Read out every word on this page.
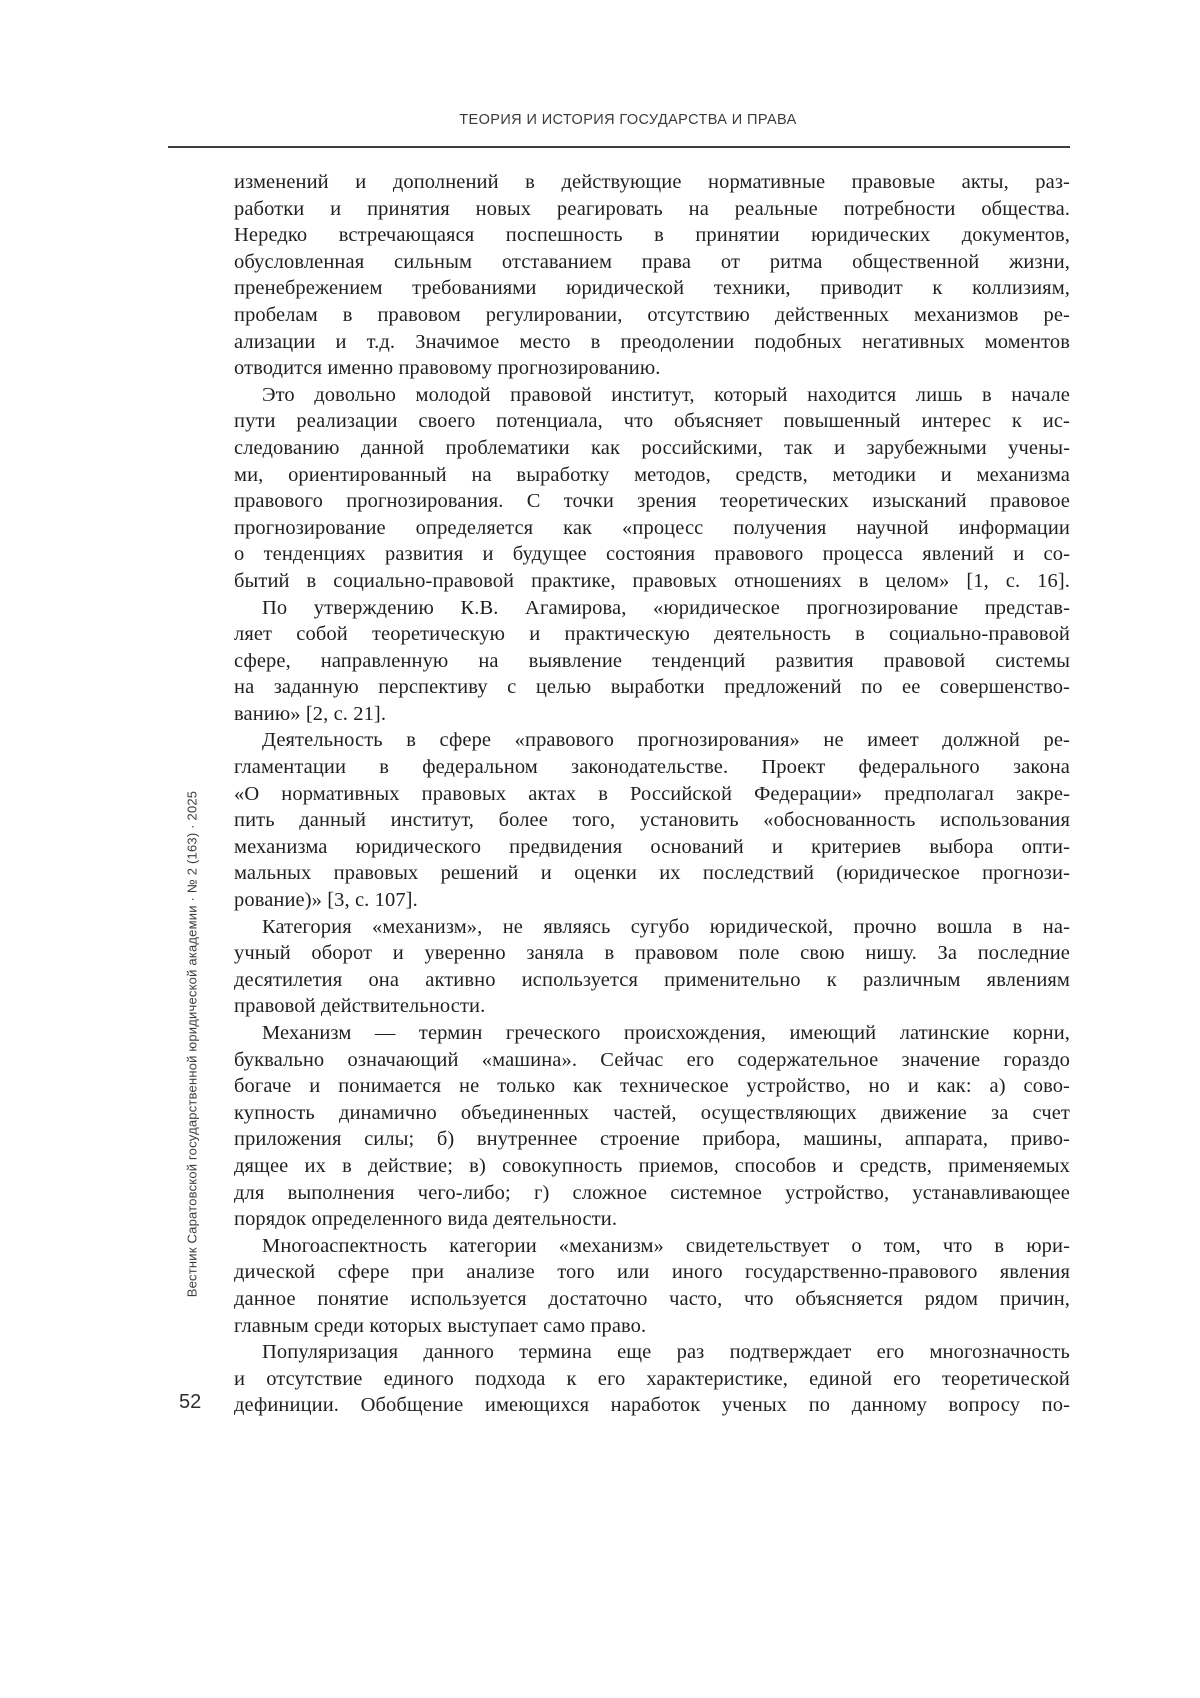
ТЕОРИЯ И ИСТОРИЯ ГОСУДАРСТВА И ПРАВА
изменений и дополнений в действующие нормативные правовые акты, раз-
работки и принятия новых реагировать на реальные потребности общества.
Нередко встречающаяся поспешность в принятии юридических документов,
обусловленная сильным отставанием права от ритма общественной жизни,
пренебрежением требованиями юридической техники, приводит к коллизиям,
пробелам в правовом регулировании, отсутствию действенных механизмов ре-
ализации и т.д. Значимое место в преодолении подобных негативных моментов
отводится именно правовому прогнозированию.
Это довольно молодой правовой институт, который находится лишь в начале
пути реализации своего потенциала, что объясняет повышенный интерес к ис-
следованию данной проблематики как российскими, так и зарубежными учены-
ми, ориентированный на выработку методов, средств, методики и механизма
правового прогнозирования. С точки зрения теоретических изысканий правовое
прогнозирование определяется как «процесс получения научной информации
о тенденциях развития и будущее состояния правового процесса явлений и со-
бытий в социально-правовой практике, правовых отношениях в целом» [1, с. 16].
По утверждению К.В. Агамирова, «юридическое прогнозирование представ-
ляет собой теоретическую и практическую деятельность в социально-правовой
сфере, направленную на выявление тенденций развития правовой системы
на заданную перспективу с целью выработки предложений по ее совершенство-
ванию» [2, с. 21].
Деятельность в сфере «правового прогнозирования» не имеет должной ре-
гламентации в федеральном законодательстве. Проект федерального закона
«О нормативных правовых актах в Российской Федерации» предполагал закре-
пить данный институт, более того, установить «обоснованность использования
механизма юридического предвидения оснований и критериев выбора опти-
мальных правовых решений и оценки их последствий (юридическое прогнози-
рование)» [3, с. 107].
Категория «механизм», не являясь сугубо юридической, прочно вошла в на-
учный оборот и уверенно заняла в правовом поле свою нишу. За последние
десятилетия она активно используется применительно к различным явлениям
правовой действительности.
Механизм — термин греческого происхождения, имеющий латинские корни,
буквально означающий «машина». Сейчас его содержательное значение гораздо
богаче и понимается не только как техническое устройство, но и как: а) сово-
купность динамично объединенных частей, осуществляющих движение за счет
приложения силы; б) внутреннее строение прибора, машины, аппарата, приво-
дящее их в действие; в) совокупность приемов, способов и средств, применяемых
для выполнения чего-либо; г) сложное системное устройство, устанавливающее
порядок определенного вида деятельности.
Многоаспектность категории «механизм» свидетельствует о том, что в юри-
дической сфере при анализе того или иного государственно-правового явления
данное понятие используется достаточно часто, что объясняется рядом причин,
главным среди которых выступает само право.
Популяризация данного термина еще раз подтверждает его многозначность
и отсутствие единого подхода к его характеристике, единой его теоретической
дефиниции. Обобщение имеющихся наработок ученых по данному вопросу по-
Вестник Саратовской государственной юридической академии · № 2 (163) · 2025
52
